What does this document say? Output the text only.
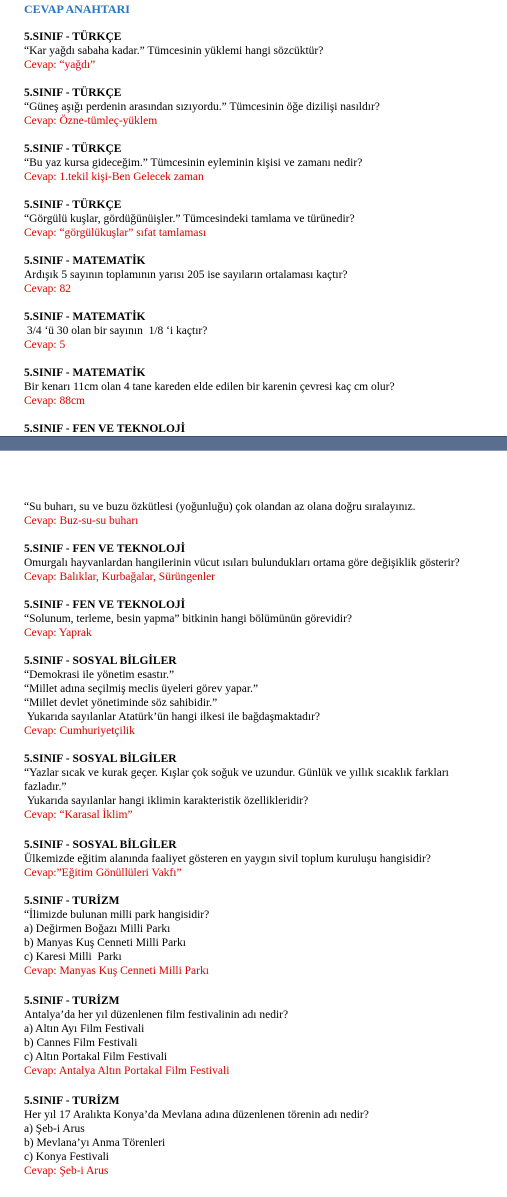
CEVAP ANAHTARI
5.SINIF - TÜRKÇE
“Kar yağdı sabaha kadar.” Tümcesinin yüklemi hangi sözcüktür?
Cevap: “yağdı”
5.SINIF - TÜRKÇE
“Güneş aşığı perdenin arasından sızıyordu.” Tümcesinin öğe dizilişi nasıldır?
Cevap: Özne-tümleç-yüklem
5.SINIF - TÜRKÇE
“Bu yaz kursa gideceğim.” Tümcesinin eyleminin kişisi ve zamanı nedir?
Cevap: 1.tekil kişi-Ben Gelecek zaman
5.SINIF - TÜRKÇE
“Görgülü kuşlar, gördüğünüişler.” Tümcesindeki tamlama ve türünedir?
Cevap: “görgülükuşlar” sıfat tamlaması
5.SINIF - MATEMATİK
Ardışık 5 sayının toplamının yarısı 205 ise sayıların ortalaması kaçtır?
Cevap: 82
5.SINIF - MATEMATİK
3/4 ‘ü 30 olan bir sayının  1/8 ‘i kaçtır?
Cevap: 5
5.SINIF - MATEMATİK
Bir kenarı 11cm olan 4 tane kareden elde edilen bir karenin çevresi kaç cm olur?
Cevap: 88cm
5.SINIF - FEN VE TEKNOLOJİ
“Su buharı, su ve buzu özkütlesi (yoğunluğu) çok olandan az olana doğru sıralayınız.
Cevap: Buz-su-su buharı
5.SINIF - FEN VE TEKNOLOJİ
Omurgalı hayvanlardan hangilerinin vücut ısıları bulundukları ortama göre değişiklik gösterir?
Cevap: Balıklar, Kurbağalar, Sürüngenler
5.SINIF - FEN VE TEKNOLOJİ
“Solunum, terleme, besin yapma” bitkinin hangi bölümünün görevidir?
Cevap: Yaprak
5.SINIF - SOSYAL BİLGİLER
“Demokrasi ile yönetim esastır.”
“Millet adına seçilmiş meclis üyeleri görev yapar.”
“Millet devlet yönetiminde söz sahibidir.”
Yukarıda sayılanlar Atatürk’ün hangi ilkesi ile bağdaşmaktadır?
Cevap: Cumhuriyetçilik
5.SINIF - SOSYAL BİLGİLER
“Yazlar sıcak ve kurak geçer. Kışlar çok soğuk ve uzundur. Günlük ve yıllık sıcaklık farkları
fazladır.”
Yukarıda sayılanlar hangi iklimin karakteristik özellikleridir?
Cevap: “Karasal İklim”
5.SINIF - SOSYAL BİLGİLER
Ülkemizde eğitim alanında faaliyet gösteren en yaygın sivil toplum kuruluşu hangisidir?
Cevap:”Eğitim Gönüllüleri Vakfı”
5.SINIF - TURİZM
“İlimizde bulunan milli park hangisidir?
a) Değirmen Boğazı Milli Parkı
b) Manyas Kuş Cenneti Milli Parkı
c) Karesi Milli  Parkı
Cevap: Manyas Kuş Cenneti Milli Parkı
5.SINIF - TURİZM
Antalya’da her yıl düzenlenen film festivalinin adı nedir?
a) Altın Ayı Film Festivali
b) Cannes Film Festivali
c) Altın Portakal Film Festivali
Cevap: Antalya Altın Portakal Film Festivali
5.SINIF - TURİZM
Her yıl 17 Aralıkta Konya’da Mevlana adına düzenlenen törenin adı nedir?
a) Şeb-i Arus
b) Mevlana’yı Anma Törenleri
c) Konya Festivali
Cevap: Şeb-i Arus
